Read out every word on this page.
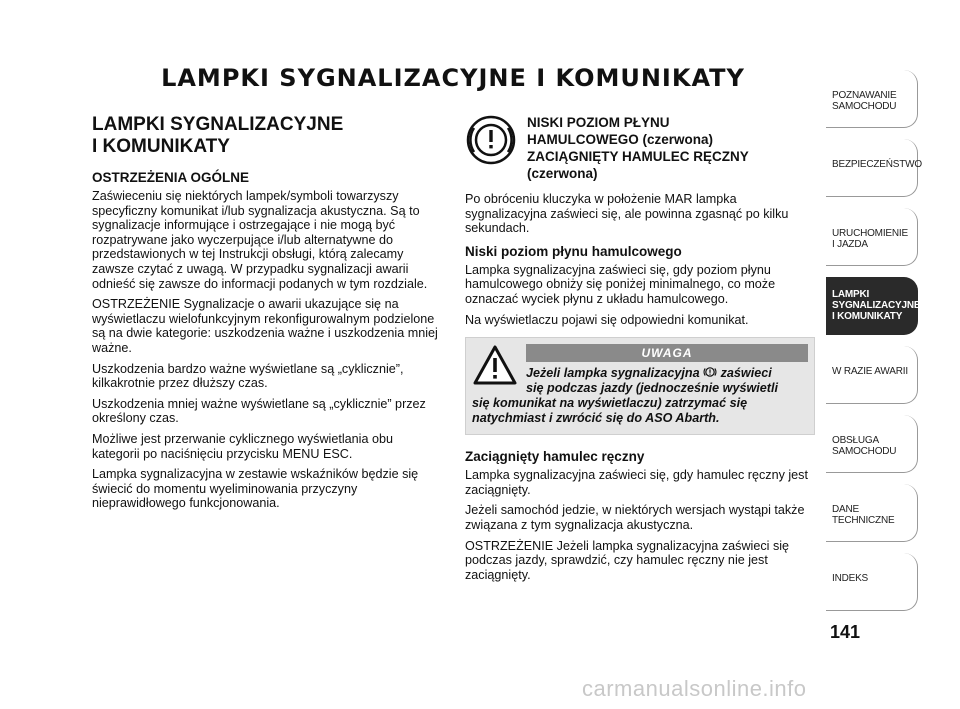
LAMPKI SYGNALIZACYJNE I KOMUNIKATY
LAMPKI SYGNALIZACYJNE
I KOMUNIKATY
OSTRZEŻENIA OGÓLNE

Zaświeceniu się niektórych lampek/symboli towarzyszy specyficzny komunikat i/lub sygnalizacja akustyczna. Są to sygnalizacje informujące i ostrzegające i nie mogą być rozpatrywane jako wyczerpujące i/lub alternatywne do przedstawionych w tej Instrukcji obsługi, którą zalecamy zawsze czytać z uwagą. W przypadku sygnalizacji awarii odnieść się zawsze do informacji podanych w tym rozdziale.

OSTRZEŻENIE Sygnalizacje o awarii ukazujące się na wyświetlaczu wielofunkcyjnym rekonfigurowalnym podzielone są na dwie kategorie: uszkodzenia ważne i uszkodzenia mniej ważne.

Uszkodzenia bardzo ważne wyświetlane są „cyklicznie”, kilkakrotnie przez dłuższy czas.

Uszkodzenia mniej ważne wyświetlane są „cyklicznie” przez określony czas.

Możliwe jest przerwanie cyklicznego wyświetlania obu kategorii po naciśnięciu przycisku MENU ESC.

Lampka sygnalizacyjna w zestawie wskaźników będzie się świecić do momentu wyeliminowania przyczyny nieprawidłowego funkcjonowania.

NISKI POZIOM PŁYNU
HAMULCOWEGO (czerwona)
ZACIĄGNIĘTY HAMULEC RĘCZNY
(czerwona)

Po obróceniu kluczyka w położenie MAR lampka sygnalizacyjna zaświeci się, ale powinna zgasnąć po kilku sekundach.

Niski poziom płynu hamulcowego

Lampka sygnalizacyjna zaświeci się, gdy poziom płynu hamulcowego obniży się poniżej minimalnego, co może oznaczać wyciek płynu z układu hamulcowego.

Na wyświetlaczu pojawi się odpowiedni komunikat.

UWAGA
Jeżeli lampka sygnalizacyjna zaświeci
się podczas jazdy (jednocześnie wyświetli
się komunikat na wyświetlaczu) zatrzymać się natychmiast i zwrócić się do ASO Abarth.
Zaciągnięty hamulec ręczny

Lampka sygnalizacyjna zaświeci się, gdy hamulec ręczny jest zaciągnięty.

Jeżeli samochód jedzie, w niektórych wersjach wystąpi także związana z tym sygnalizacja akustyczna.

OSTRZEŻENIE Jeżeli lampka sygnalizacyjna zaświeci się podczas jazdy, sprawdzić, czy hamulec ręczny nie jest zaciągnięty.

POZNAWANIE
SAMOCHODU
BEZPIECZEŃSTWO
URUCHOMIENIE
I JAZDA
LAMPKI
SYGNALIZACYJNE
I KOMUNIKATY
W RAZIE AWARII
OBSŁUGA
SAMOCHODU
DANE
TECHNICZNE
INDEKS
141
carmanualsonline.info
